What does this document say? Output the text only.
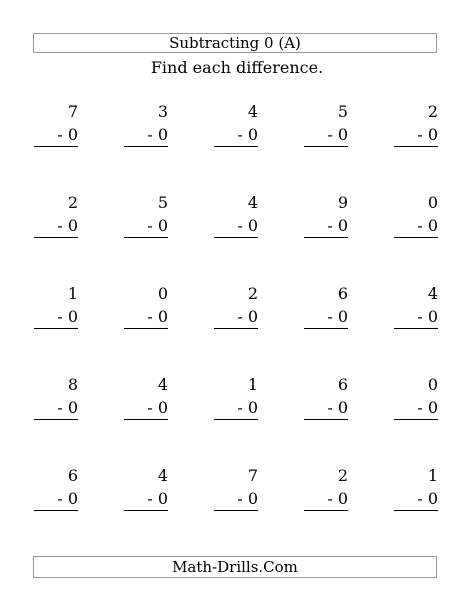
Subtracting 0 (A)
Find each difference.
7
- 0
3
- 0
4
- 0
5
- 0
2
- 0
2
- 0
5
- 0
4
- 0
9
- 0
0
- 0
1
- 0
0
- 0
2
- 0
6
- 0
4
- 0
8
- 0
4
- 0
1
- 0
6
- 0
0
- 0
6
- 0
4
- 0
7
- 0
2
- 0
1
- 0
Math-Drills.Com
